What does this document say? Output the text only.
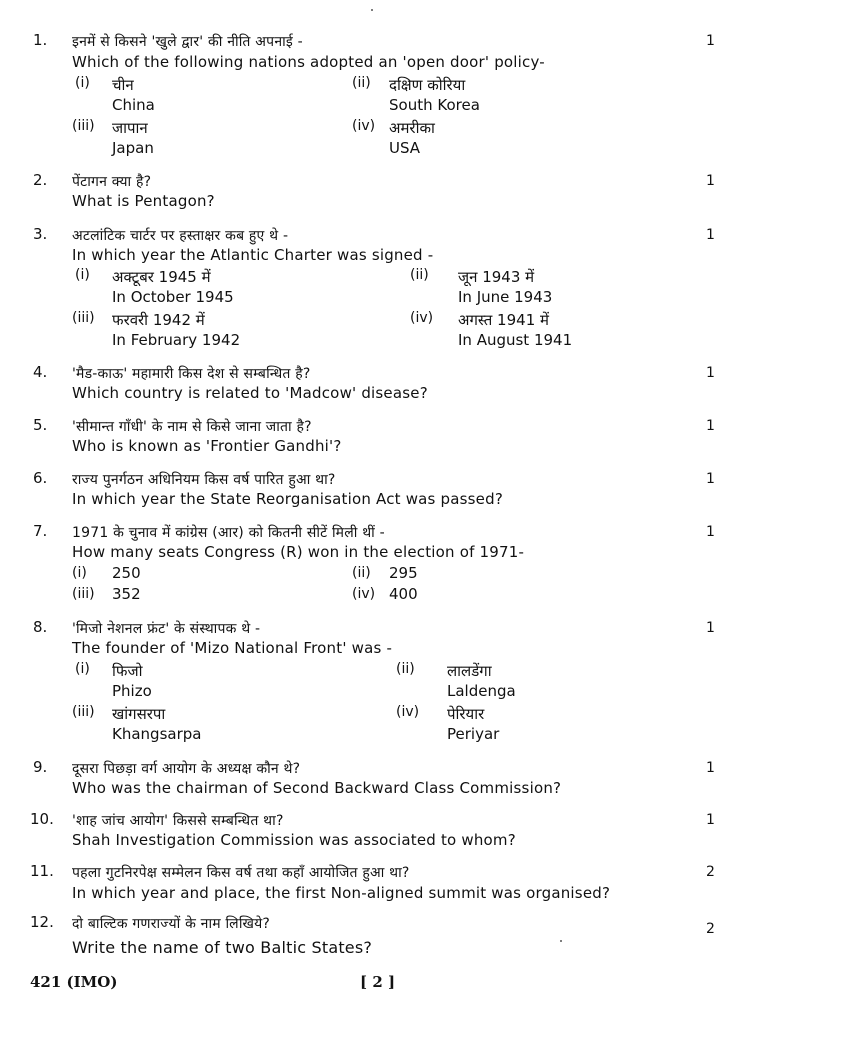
1. इनमें से किसने 'खुले द्वार' की नीति अपनाई -	1
Which of the following nations adopted an 'open door' policy-
(i) चीन
China
(ii) दक्षिण कोरिया
South Korea
(iii) जापान
Japan
(iv) अमरीका
USA
2. पेंटागन क्या है?	1
What is Pentagon?
3. अटलांटिक चार्टर पर हस्ताक्षर कब हुए थे -	1
In which year the Atlantic Charter was signed -
(i) अक्टूबर 1945 में
In October 1945
(ii) जून 1943 में
In June 1943
(iii) फरवरी 1942 में
In February 1942
(iv) अगस्त 1941 में
In August 1941
4. 'मैड-काऊ' महामारी किस देश से सम्बन्धित है?	1
Which country is related to 'Madcow' disease?
5. 'सीमान्त गाँधी' के नाम से किसे जाना जाता है?	1
Who is known as 'Frontier Gandhi'?
6. राज्य पुनर्गठन अधिनियम किस वर्ष पारित हुआ था?	1
In which year the State Reorganisation Act was passed?
7. 1971 के चुनाव में कांग्रेस (आर) को कितनी सीटें मिली थीं -	1
How many seats Congress (R) won in the election of 1971-
(i) 250	(ii) 295
(iii) 352	(iv) 400
8. 'मिजो नेशनल फ्रंट' के संस्थापक थे -	1
The founder of 'Mizo National Front' was -
(i) फिजो
Phizo
(ii) लालडेंगा
Laldenga
(iii) खांगसरपा
Khangsarpa
(iv) पेरियार
Periyar
9. दूसरा पिछड़ा वर्ग आयोग के अध्यक्ष कौन थे?	1
Who was the chairman of Second Backward Class Commission?
10. 'शाह जांच आयोग' किससे सम्बन्धित था?	1
Shah Investigation Commission was associated to whom?
11. पहला गुटनिरपेक्ष सम्मेलन किस वर्ष तथा कहाँ आयोजित हुआ था?	2
In which year and place, the first Non-aligned summit was organised?
12. दो बाल्टिक गणराज्यों के नाम लिखिये?	2
Write the name of two Baltic States?
421 (IMO)	[ 2 ]
